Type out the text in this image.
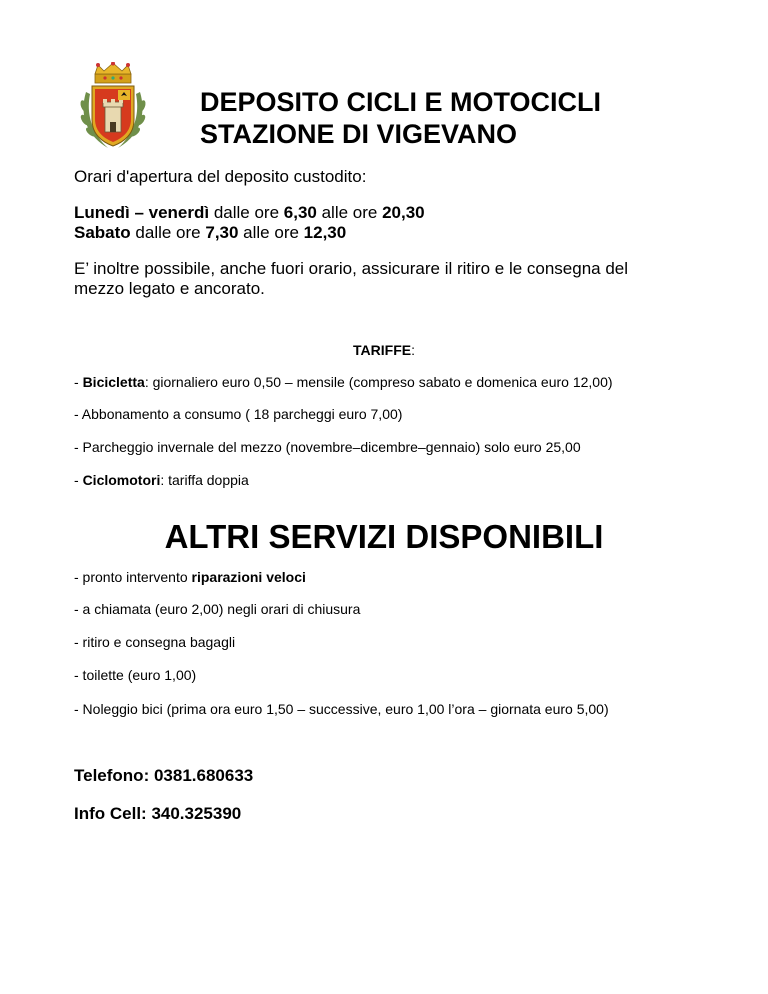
DEPOSITO CICLI E MOTOCICLI
STAZIONE DI VIGEVANO

Orari d'apertura del deposito custodito:

Lunedì – venerdì dalle ore 6,30 alle ore 20,30

Sabato dalle ore 7,30 alle ore 12,30

E’ inoltre possibile, anche fuori orario, assicurare il ritiro e le consegna del

mezzo legato e ancorato.

TARIFFE:

- Bicicletta: giornaliero euro 0,50 – mensile (compreso sabato e domenica euro 12,00)

- Abbonamento a consumo ( 18 parcheggi euro 7,00)

- Parcheggio invernale del mezzo (novembre–dicembre–gennaio) solo euro 25,00

- Ciclomotori: tariffa doppia

ALTRI SERVIZI DISPONIBILI

- pronto intervento riparazioni veloci

- a chiamata (euro 2,00) negli orari di chiusura

- ritiro e consegna bagagli

- toilette (euro 1,00)

- Noleggio bici (prima ora euro 1,50 – successive, euro 1,00 l’ora – giornata euro 5,00)

Telefono: 0381.680633

Info Cell: 340.325390
